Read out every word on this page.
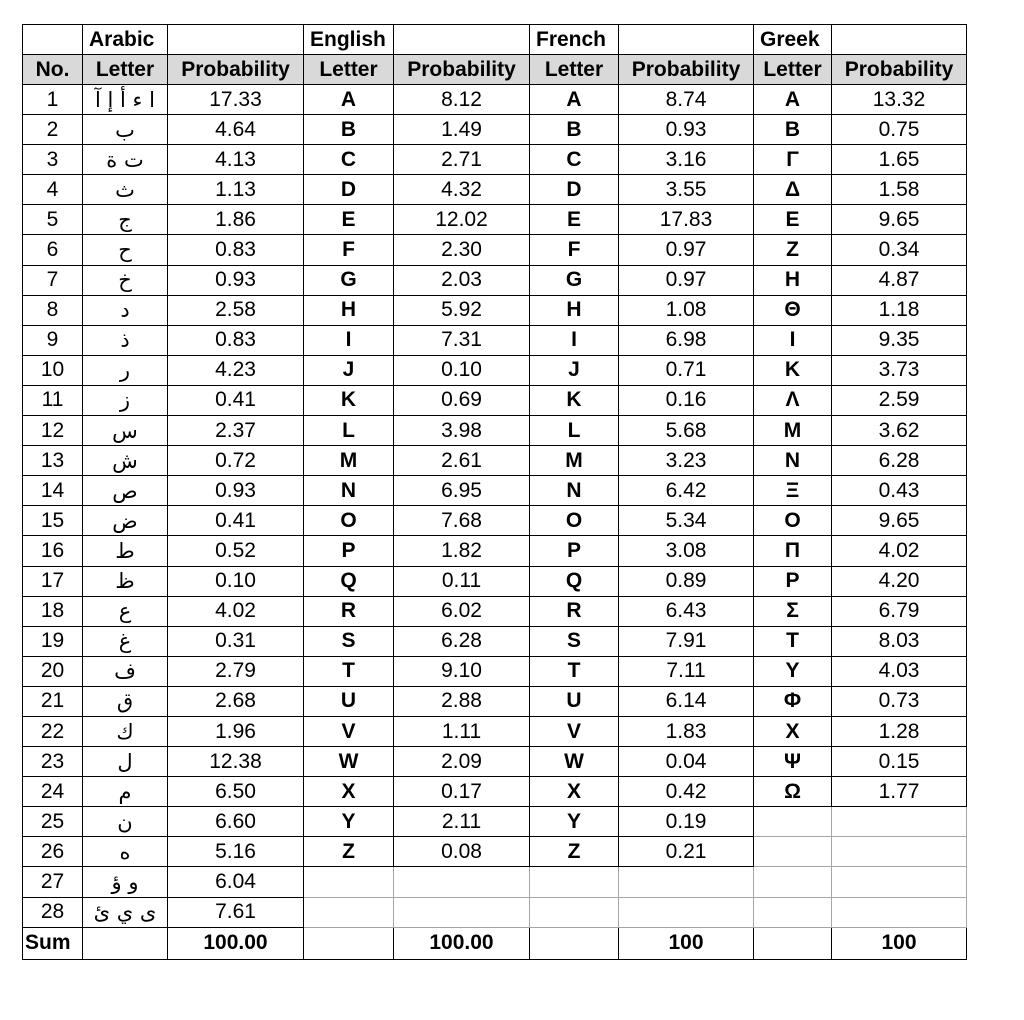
	Arabic		English		French		Greek	
No.	Letter	Probability	Letter	Probability	Letter	Probability	Letter	Probability
1	ا ء أ إ آ	17.33	A	8.12	A	8.74	Α	13.32
2	ب	4.64	B	1.49	B	0.93	Β	0.75
3	ت ة	4.13	C	2.71	C	3.16	Γ	1.65
4	ث	1.13	D	4.32	D	3.55	Δ	1.58
5	ج	1.86	E	12.02	E	17.83	Ε	9.65
6	ح	0.83	F	2.30	F	0.97	Ζ	0.34
7	خ	0.93	G	2.03	G	0.97	Η	4.87
8	د	2.58	H	5.92	H	1.08	Θ	1.18
9	ذ	0.83	I	7.31	I	6.98	Ι	9.35
10	ر	4.23	J	0.10	J	0.71	Κ	3.73
11	ز	0.41	K	0.69	K	0.16	Λ	2.59
12	س	2.37	L	3.98	L	5.68	Μ	3.62
13	ش	0.72	M	2.61	M	3.23	Ν	6.28
14	ص	0.93	N	6.95	N	6.42	Ξ	0.43
15	ض	0.41	O	7.68	O	5.34	Ο	9.65
16	ط	0.52	P	1.82	P	3.08	Π	4.02
17	ظ	0.10	Q	0.11	Q	0.89	Ρ	4.20
18	ع	4.02	R	6.02	R	6.43	Σ	6.79
19	غ	0.31	S	6.28	S	7.91	Τ	8.03
20	ف	2.79	T	9.10	T	7.11	Υ	4.03
21	ق	2.68	U	2.88	U	6.14	Φ	0.73
22	ك	1.96	V	1.11	V	1.83	Χ	1.28
23	ل	12.38	W	2.09	W	0.04	Ψ	0.15
24	م	6.50	X	0.17	X	0.42	Ω	1.77
25	ن	6.60	Y	2.11	Y	0.19		
26	ه	5.16	Z	0.08	Z	0.21		
27	و ؤ	6.04						
28	ى ي ئ	7.61						
Sum		100.00		100.00		100		100
